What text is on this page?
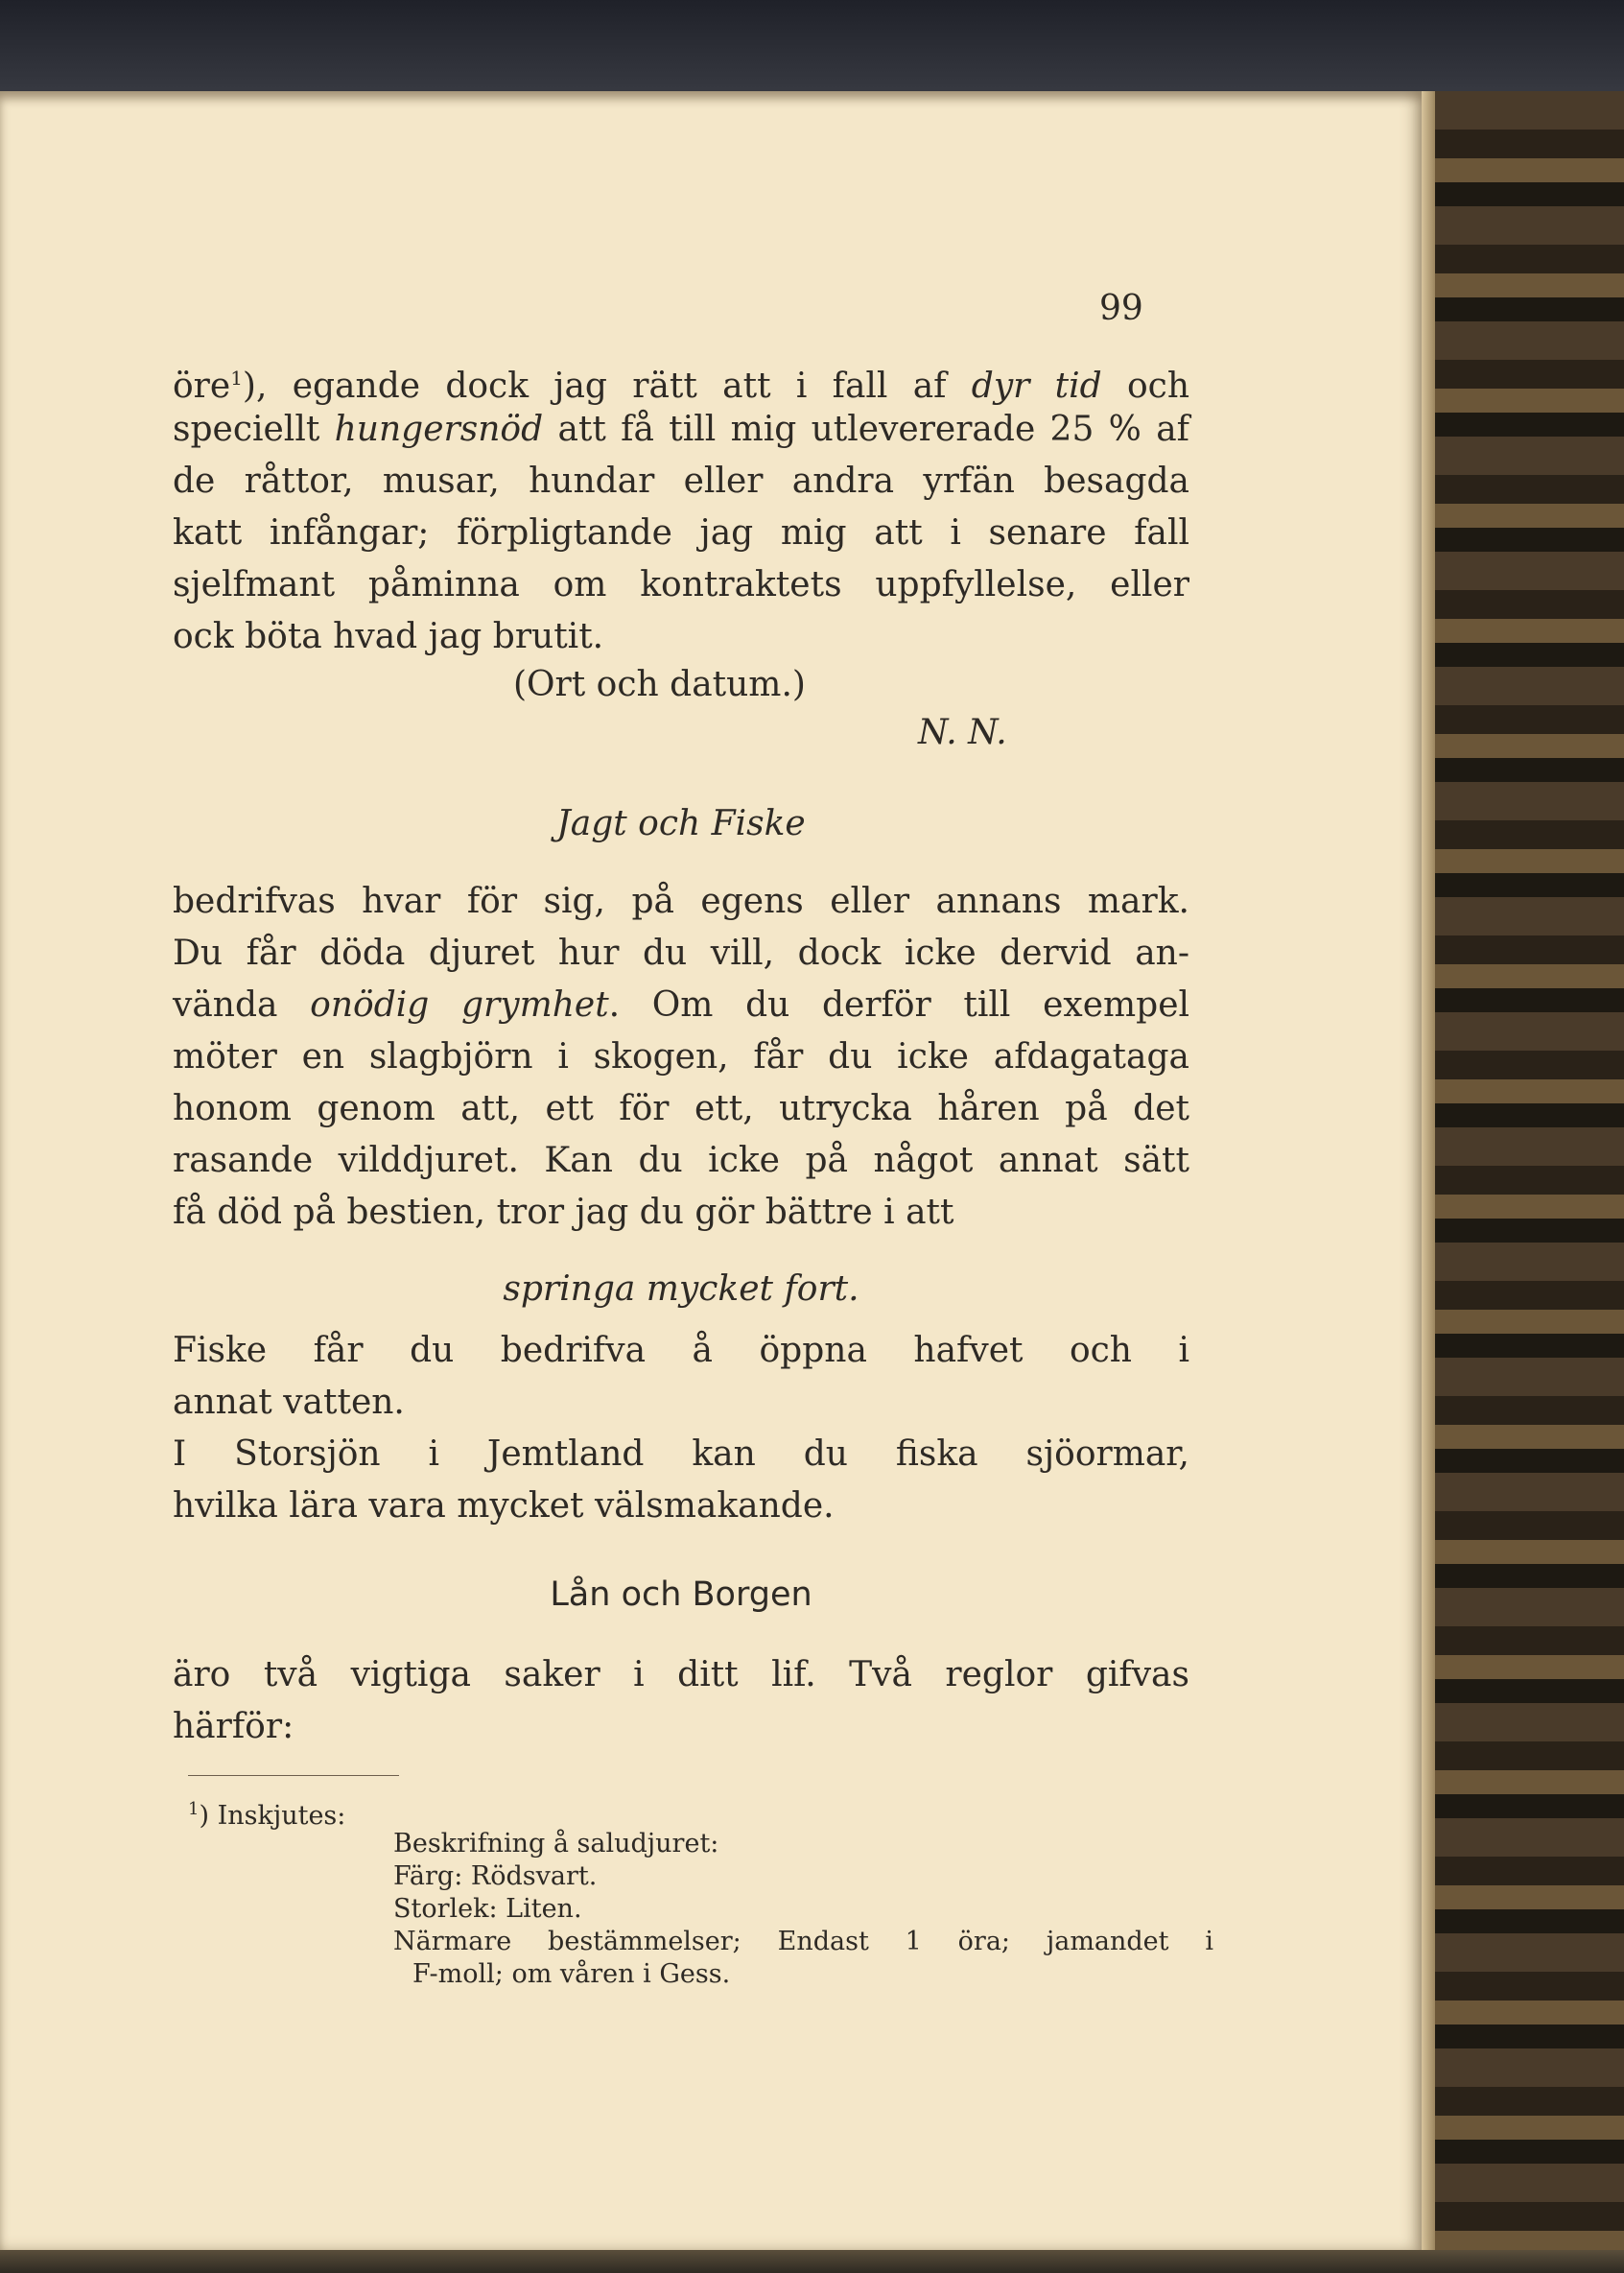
99
öre$^1$), egande dock jag rätt att i fall af dyr tid och
speciellt hungersnöd att få till mig utlevererade 25 % af
de råttor, musar, hundar eller andra yrfän besagda
katt infångar; förpligtande jag mig att i senare fall
sjelfmant påminna om kontraktets uppfyllelse, eller
ock böta hvad jag brutit.
(Ort och datum.)
N. N.
Jagt och Fiske
bedrifvas hvar för sig, på egens eller annans mark.
Du får döda djuret hur du vill, dock icke dervid an-
vända onödig grymhet. Om du derför till exempel
möter en slagbjörn i skogen, får du icke afdagataga
honom genom att, ett för ett, utrycka håren på det
rasande vilddjuret. Kan du icke på något annat sätt
få död på bestien, tror jag du gör bättre i att
springa mycket fort.
Fiske får du bedrifva å öppna hafvet och i
annat vatten.
I Storsjön i Jemtland kan du fiska sjöormar,
hvilka lära vara mycket välsmakande.
Lån och Borgen
äro två vigtiga saker i ditt lif. Två reglor gifvas
härför:
$^1$) Inskjutes:
Beskrifning å saludjuret:
Färg: Rödsvart.
Storlek: Liten.
Närmare bestämmelser; Endast 1 öra; jamandet i
F-moll; om våren i Gess.
